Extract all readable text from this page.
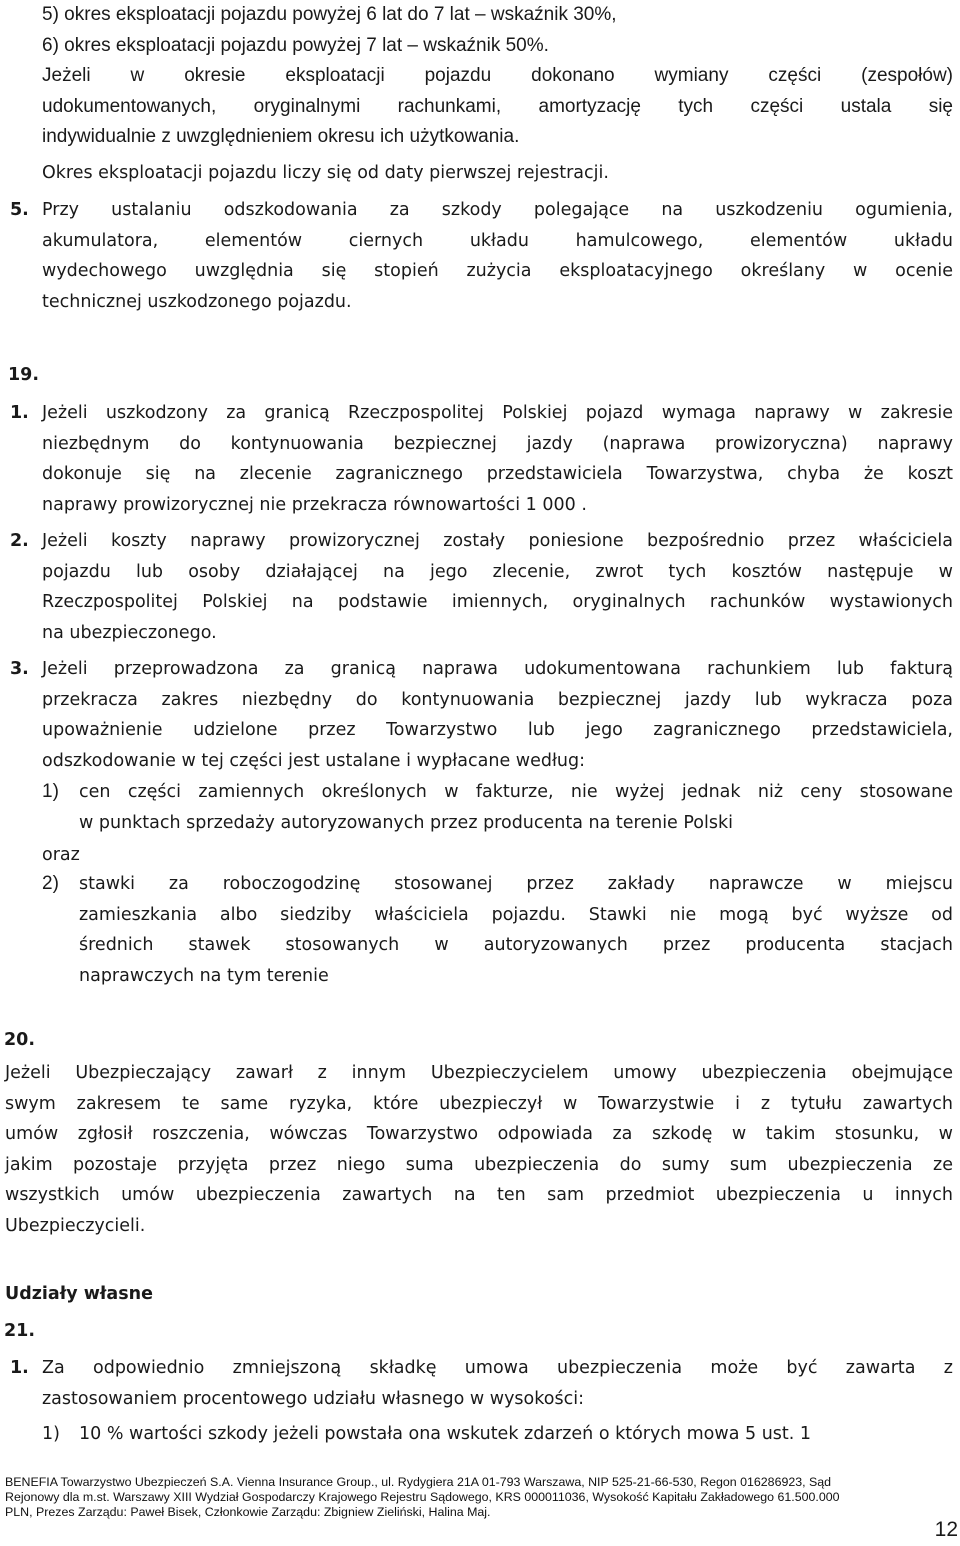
5) okres eksploatacji pojazdu powyżej 6 lat do 7 lat – wskaźnik 30%,
6) okres eksploatacji pojazdu powyżej 7 lat – wskaźnik 50%.
Jeżeli w okresie eksploatacji pojazdu dokonano wymiany części (zespołów)
udokumentowanych, oryginalnymi rachunkami, amortyzację tych części ustala się
indywidualnie z uwzględnieniem okresu ich użytkowania.
Okres eksploatacji pojazdu liczy się od daty pierwszej rejestracji.
5. Przy ustalaniu odszkodowania za szkody polegające na uszkodzeniu ogumienia,
akumulatora, elementów ciernych układu hamulcowego, elementów układu
wydechowego uwzględnia się stopień zużycia eksploatacyjnego określany w ocenie
technicznej uszkodzonego pojazdu.
19.
1. Jeżeli uszkodzony za granicą Rzeczpospolitej Polskiej pojazd wymaga naprawy w zakresie
niezbędnym do kontynuowania bezpiecznej jazdy (naprawa prowizoryczna) naprawy
dokonuje się na zlecenie zagranicznego przedstawiciela Towarzystwa, chyba że koszt
naprawy prowizorycznej nie przekracza równowartości 1 000 .
2. Jeżeli koszty naprawy prowizorycznej zostały poniesione bezpośrednio przez właściciela
pojazdu lub osoby działającej na jego zlecenie, zwrot tych kosztów następuje w
Rzeczpospolitej Polskiej na podstawie imiennych, oryginalnych rachunków wystawionych
na ubezpieczonego.
3. Jeżeli przeprowadzona za granicą naprawa udokumentowana rachunkiem lub fakturą
przekracza zakres niezbędny do kontynuowania bezpiecznej jazdy lub wykracza poza
upoważnienie udzielone przez Towarzystwo lub jego zagranicznego przedstawiciela,
odszkodowanie w tej części jest ustalane i wypłacane według:
1) cen części zamiennych określonych w fakturze, nie wyżej jednak niż ceny stosowane
w punktach sprzedaży autoryzowanych przez producenta na terenie Polski
oraz
2) stawki za roboczogodzinę stosowanej przez zakłady naprawcze w miejscu
zamieszkania albo siedziby właściciela pojazdu. Stawki nie mogą być wyższe od
średnich stawek stosowanych w autoryzowanych przez producenta stacjach
naprawczych na tym terenie
20.
Jeżeli Ubezpieczający zawarł z innym Ubezpieczycielem umowy ubezpieczenia obejmujące
swym zakresem te same ryzyka, które ubezpieczył w Towarzystwie i z tytułu zawartych
umów zgłosił roszczenia, wówczas Towarzystwo odpowiada za szkodę w takim stosunku, w
jakim pozostaje przyjęta przez niego suma ubezpieczenia do sumy sum ubezpieczenia ze
wszystkich umów ubezpieczenia zawartych na ten sam przedmiot ubezpieczenia u innych
Ubezpieczycieli.
Udziały własne
21.
1. Za odpowiednio zmniejszoną składkę umowa ubezpieczenia może być zawarta z
zastosowaniem procentowego udziału własnego w wysokości:
1) 10 % wartości szkody jeżeli powstała ona wskutek zdarzeń o których mowa 5 ust. 1
BENEFIA Towarzystwo Ubezpieczeń S.A. Vienna Insurance Group., ul. Rydygiera 21A 01-793 Warszawa, NIP 525-21-66-530, Regon 016286923, Sąd
Rejonowy dla m.st. Warszawy XIII Wydział Gospodarczy Krajowego Rejestru Sądowego, KRS 000011036, Wysokość Kapitału Zakładowego 61.500.000
PLN, Prezes Zarządu: Paweł Bisek, Członkowie Zarządu: Zbigniew Zieliński, Halina Maj.
12
